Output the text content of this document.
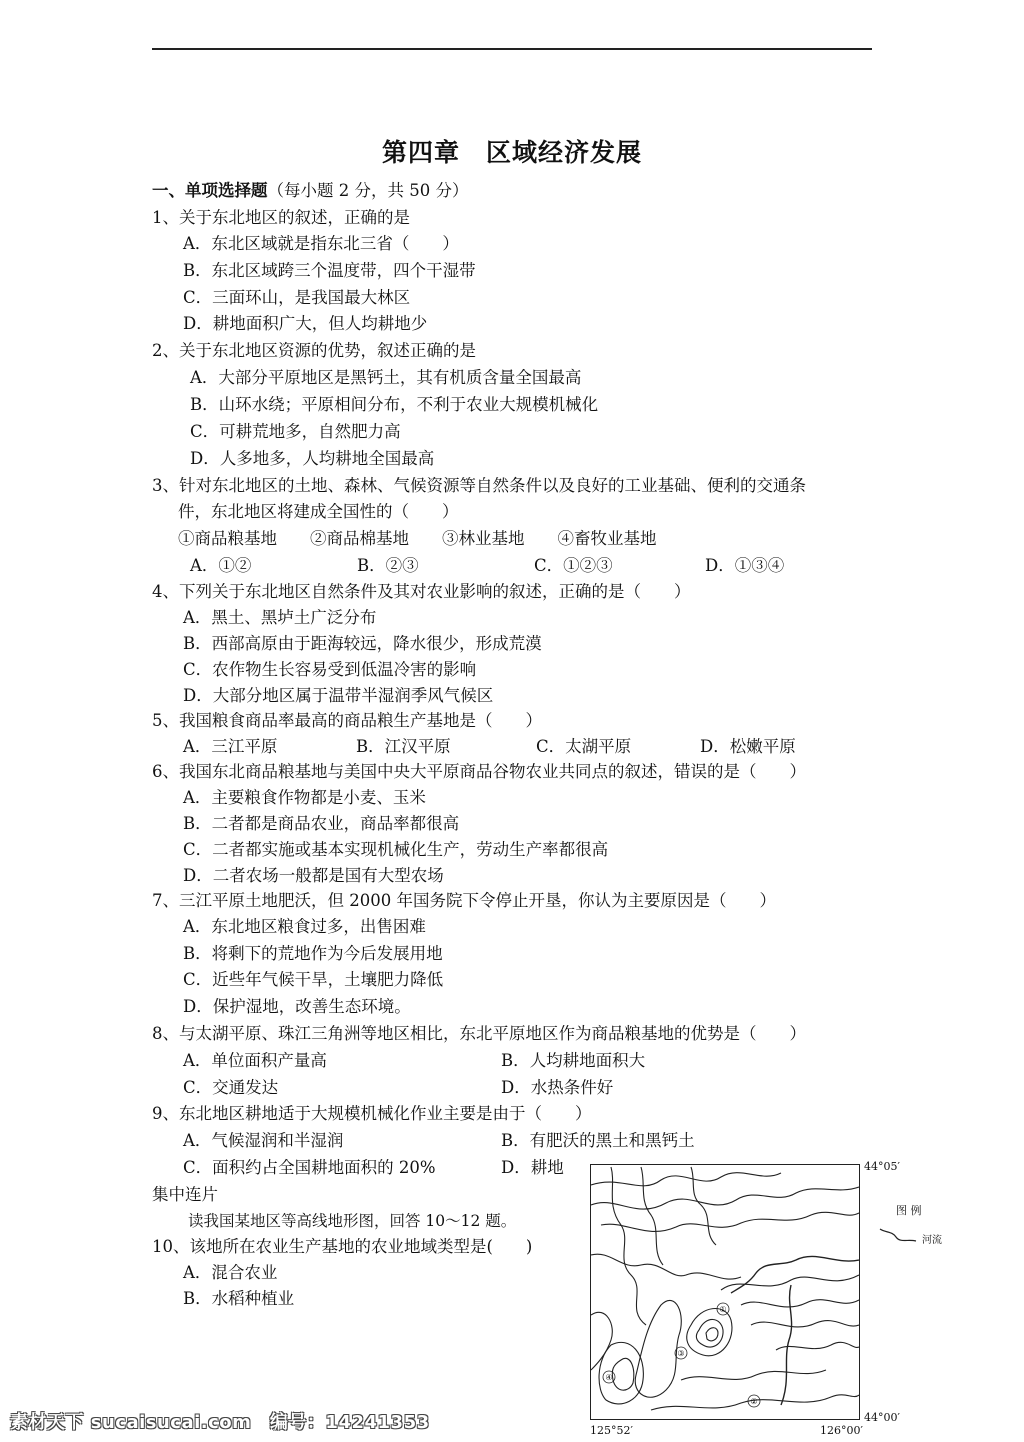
第四章　区域经济发展
一、单项选择题（每小题 2 分，共 50 分）
1、关于东北地区的叙述，正确的是
A．东北区域就是指东北三省（　　）
B．东北区域跨三个温度带，四个干湿带
C．三面环山，是我国最大林区
D．耕地面积广大，但人均耕地少
2、关于东北地区资源的优势，叙述正确的是
A．大部分平原地区是黑钙土，其有机质含量全国最高
B．山环水绕；平原相间分布，不利于农业大规模机械化
C．可耕荒地多，自然肥力高
D．人多地多，人均耕地全国最高
3、针对东北地区的土地、森林、气候资源等自然条件以及良好的工业基础、便利的交通条
件，东北地区将建成全国性的（　　）
①商品粮基地　　②商品棉基地　　③林业基地　　④畜牧业基地
A．①②	B．②③	C．①②③	D．①③④
4、下列关于东北地区自然条件及其对农业影响的叙述，正确的是（　　）
A．黑土、黑垆土广泛分布
B．西部高原由于距海较远，降水很少，形成荒漠
C．农作物生长容易受到低温冷害的影响
D．大部分地区属于温带半湿润季风气候区
5、我国粮食商品率最高的商品粮生产基地是（　　）
A．三江平原	B．江汉平原	C．太湖平原	D．松嫩平原
6、我国东北商品粮基地与美国中央大平原商品谷物农业共同点的叙述，错误的是（　　）
A．主要粮食作物都是小麦、玉米
B．二者都是商品农业，商品率都很高
C．二者都实施或基本实现机械化生产，劳动生产率都很高
D．二者农场一般都是国有大型农场
7、三江平原土地肥沃，但 2000 年国务院下令停止开垦，你认为主要原因是（　　）
A．东北地区粮食过多，出售困难
B．将剩下的荒地作为今后发展用地
C．近些年气候干旱，土壤肥力降低
D．保护湿地，改善生态环境。
8、与太湖平原、珠江三角洲等地区相比，东北平原地区作为商品粮基地的优势是（　　）
A．单位面积产量高	B．人均耕地面积大
C．交通发达	D．水热条件好
9、东北地区耕地适于大规模机械化作业主要是由于（　　）
A．气候湿润和半湿润	B．有肥沃的黑土和黑钙土
C．面积约占全国耕地面积的 20%	D．耕地
集中连片
读我国某地区等高线地形图，回答 10～12 题。
10、该地所在农业生产基地的农业地域类型是(　　)
A．混合农业
B．水稻种植业
①
②
③
④
44°05′
44°00′
125°52′	126°00′
图 例
河流
素材天下 sucaisucai.com　编号：14241353
